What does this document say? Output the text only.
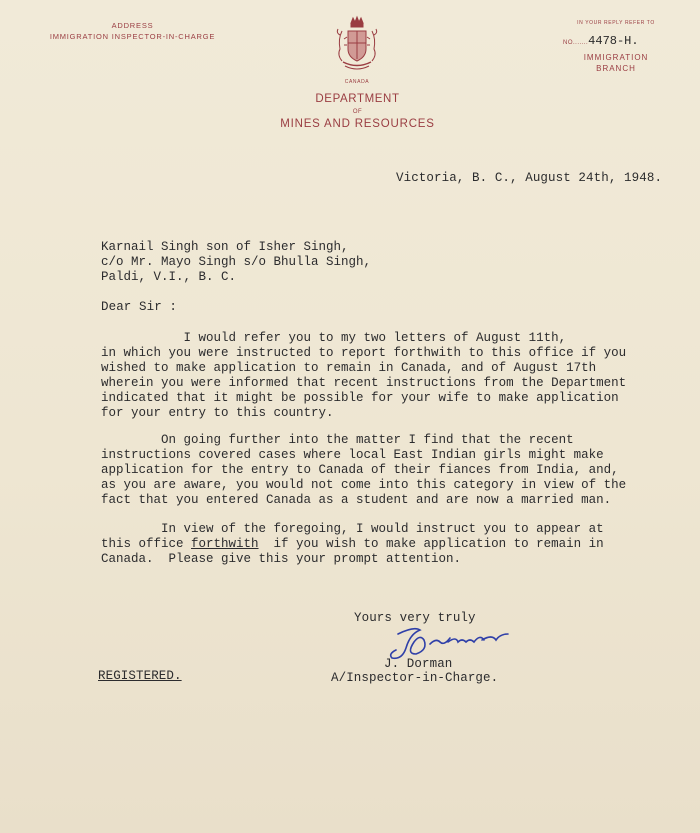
ADDRESS
IMMIGRATION INSPECTOR-IN-CHARGE
IN YOUR REPLY REFER TO
NO.......4478-H.
IMMIGRATION
BRANCH
CANADA
DEPARTMENT
OF
MINES AND RESOURCES
Victoria, B. C., August 24th, 1948.
Karnail Singh son of Isher Singh,
c/o Mr. Mayo Singh s/o Bhulla Singh,
Paldi, V.I., B. C.
Dear Sir :
I would refer you to my two letters of August 11th,
in which you were instructed to report forthwith to this office if you
wished to make application to remain in Canada, and of August 17th
wherein you were informed that recent instructions from the Department
indicated that it might be possible for your wife to make application
for your entry to this country.
On going further into the matter I find that the recent
instructions covered cases where local East Indian girls might make
application for the entry to Canada of their fiances from India, and,
as you are aware, you would not come into this category in view of the
fact that you entered Canada as a student and are now a married man.
In view of the foregoing, I would instruct you to appear at
this office forthwith  if you wish to make application to remain in
Canada.  Please give this your prompt attention.
Yours very truly
J. Dorman
A/Inspector-in-Charge.
REGISTERED.
